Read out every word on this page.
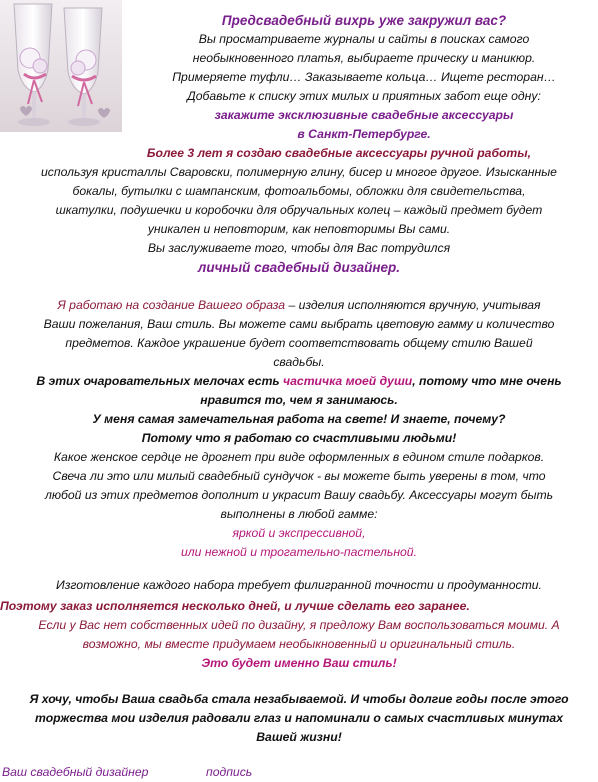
Предсвадебный вихрь уже закружил вас?

Вы просматриваете журналы и сайты в поисках самого

необыкновенного платья, выбираете прическу и маникюр.

Примеряете туфли… Заказываете кольца… Ищете ресторан…

Добавьте к списку этих милых и приятных забот еще одну:

закажите эксклюзивные свадебные аксессуары

в Санкт-Петербурге.

Более 3 лет я создаю свадебные аксессуары ручной работы,

используя кристаллы Сваровски, полимерную глину, бисер и многое другое. Изысканные

бокалы, бутылки с шампанским, фотоальбомы, обложки для свидетельства,

шкатулки, подушечки и коробочки для обручальных колец – каждый предмет будет

уникален и неповторим, как неповторимы Вы сами.

Вы заслуживаете того, чтобы для Вас потрудился

личный свадебный дизайнер.

Я работаю на создание Вашего образа – изделия исполняются вручную, учитывая

Ваши пожелания, Ваш стиль. Вы можете сами выбрать цветовую гамму и количество

предметов. Каждое украшение будет соответствовать общему стилю Вашей

свадьбы.

В этих очаровательных мелочах есть частичка моей души, потому что мне очень

нравится то, чем я занимаюсь.

У меня самая замечательная работа на свете! И знаете, почему?

Потому что я работаю со счастливыми людьми!

Какое женское сердце не дрогнет при виде оформленных в едином стиле подарков.

Свеча ли это или милый свадебный сундучок - вы можете быть уверены в том, что

любой из этих предметов дополнит и украсит Вашу свадьбу. Аксессуары могут быть

выполнены в любой гамме:

яркой и экспрессивной,

или нежной и трогательно-пастельной.

Изготовление каждого набора требует филигранной точности и продуманности.

Поэтому заказ исполняется несколько дней, и лучше сделать его заранее.

Если у Вас нет собственных идей по дизайну, я предложу Вам воспользоваться моими. А

возможно, мы вместе придумаем необыкновенный и оригинальный стиль.

Это будет именно Ваш стиль!

Я хочу, чтобы Ваша свадьба стала незабываемой. И чтобы долгие годы после этого

торжества мои изделия радовали глаз и напоминали о самых счастливых минутах

Вашей жизни!

Ваш свадебный дизайнер	подпись
